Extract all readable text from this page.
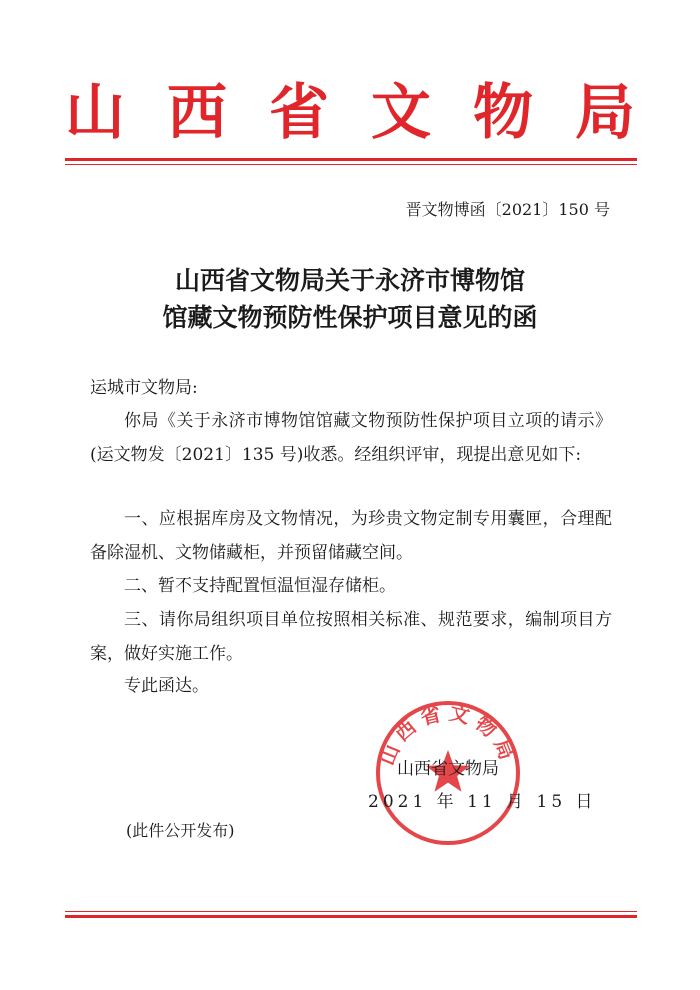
山西省文物局
晋文物博函〔2021〕150 号
山西省文物局关于永济市博物馆
馆藏文物预防性保护项目意见的函
运城市文物局:
你局《关于永济市博物馆馆藏文物预防性保护项目立项的请示》(运文物发〔2021〕135 号)收悉。经组织评审，现提出意见如下:
一、应根据库房及文物情况，为珍贵文物定制专用囊匣，合理配备除湿机、文物储藏柜，并预留储藏空间。
二、暂不支持配置恒温恒湿存储柜。
三、请你局组织项目单位按照相关标准、规范要求，编制项目方案，做好实施工作。
专此函达。
山西省文物局
山西省文物局
2021 年 11 月 15 日
(此件公开发布)
